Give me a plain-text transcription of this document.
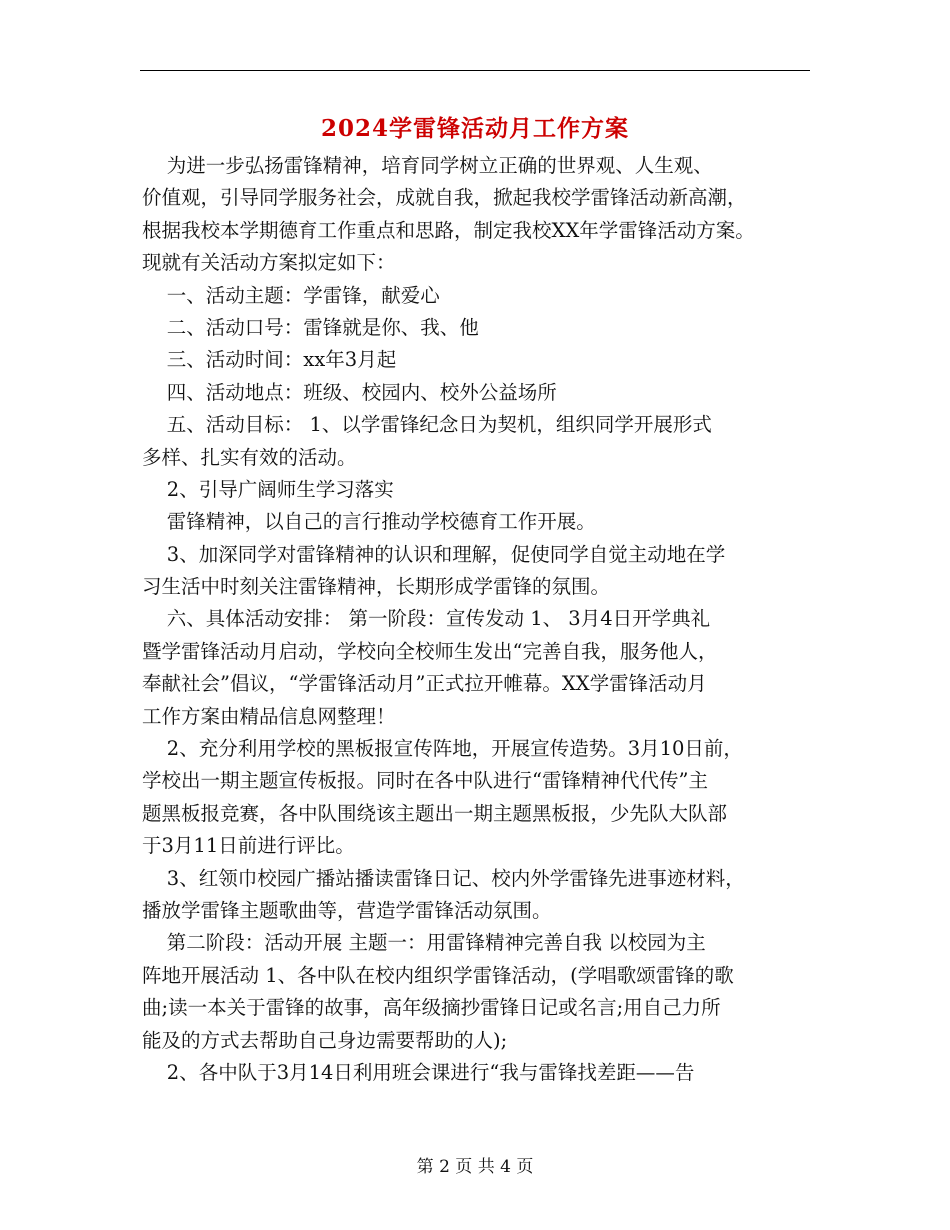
2024学雷锋活动月工作方案
为进一步弘扬雷锋精神，培育同学树立正确的世界观、人生观、
价值观，引导同学服务社会，成就自我，掀起我校学雷锋活动新高潮，
根据我校本学期德育工作重点和思路，制定我校XX年学雷锋活动方案。
现就有关活动方案拟定如下：
一、活动主题：学雷锋，献爱心
二、活动口号：雷锋就是你、我、他
三、活动时间：xx年3月起
四、活动地点：班级、校园内、校外公益场所
五、活动目标： 1、以学雷锋纪念日为契机，组织同学开展形式
多样、扎实有效的活动。
2、引导广阔师生学习落实
雷锋精神，以自己的言行推动学校德育工作开展。
3、加深同学对雷锋精神的认识和理解，促使同学自觉主动地在学
习生活中时刻关注雷锋精神，长期形成学雷锋的氛围。
六、具体活动安排： 第一阶段：宣传发动 1、 3月4日开学典礼
暨学雷锋活动月启动，学校向全校师生发出“完善自我，服务他人，
奉献社会”倡议，“学雷锋活动月”正式拉开帷幕。XX学雷锋活动月
工作方案由精品信息网整理！
2、充分利用学校的黑板报宣传阵地，开展宣传造势。3月10日前，
学校出一期主题宣传板报。同时在各中队进行“雷锋精神代代传”主
题黑板报竞赛，各中队围绕该主题出一期主题黑板报，少先队大队部
于3月11日前进行评比。
3、红领巾校园广播站播读雷锋日记、校内外学雷锋先进事迹材料，
播放学雷锋主题歌曲等，营造学雷锋活动氛围。
第二阶段：活动开展 主题一：用雷锋精神完善自我 以校园为主
阵地开展活动 1、各中队在校内组织学雷锋活动，(学唱歌颂雷锋的歌
曲;读一本关于雷锋的故事，高年级摘抄雷锋日记或名言;用自己力所
能及的方式去帮助自己身边需要帮助的人);
2、各中队于3月14日利用班会课进行“我与雷锋找差距——告
第 2 页 共 4 页
